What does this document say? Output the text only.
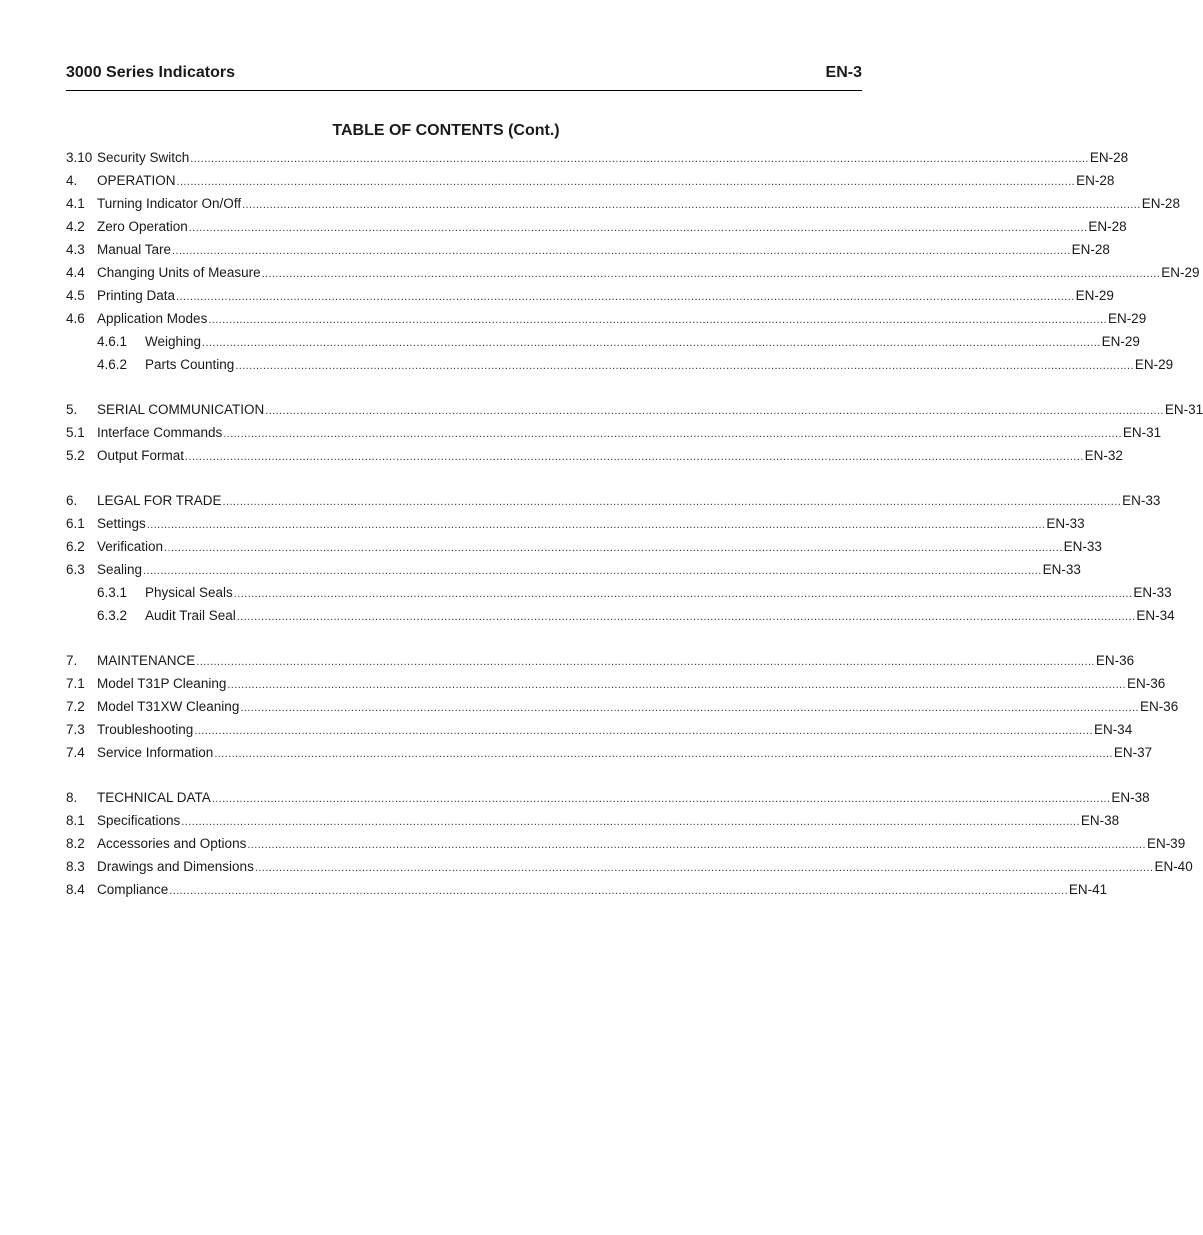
3000 Series Indicators	EN-3
TABLE OF CONTENTS (Cont.)
3.10 Security Switch .................................................................................................................................................................................................................................................................... EN-28
4.	OPERATION .................................................................................................................................................................................................................................................................... EN-28
4.1 Turning Indicator On/Off .................................................................................................................................................................................................................................................................... EN-28
4.2 Zero Operation .................................................................................................................................................................................................................................................................... EN-28
4.3 Manual Tare .................................................................................................................................................................................................................................................................... EN-28
4.4 Changing Units of Measure .................................................................................................................................................................................................................................................................... EN-29
4.5 Printing Data .................................................................................................................................................................................................................................................................... EN-29
4.6 Application Modes .................................................................................................................................................................................................................................................................... EN-29
4.6.1	Weighing .................................................................................................................................................................................................................................................................... EN-29
4.6.2	Parts Counting .................................................................................................................................................................................................................................................................... EN-29
5.	SERIAL COMMUNICATION .................................................................................................................................................................................................................................................................... EN-31
5.1 Interface Commands .................................................................................................................................................................................................................................................................... EN-31
5.2 Output Format .................................................................................................................................................................................................................................................................... EN-32
6.	LEGAL FOR TRADE .................................................................................................................................................................................................................................................................... EN-33
6.1 Settings .................................................................................................................................................................................................................................................................... EN-33
6.2 Verification .................................................................................................................................................................................................................................................................... EN-33
6.3 Sealing .................................................................................................................................................................................................................................................................... EN-33
6.3.1	Physical Seals .................................................................................................................................................................................................................................................................... EN-33
6.3.2	Audit Trail Seal .................................................................................................................................................................................................................................................................... EN-34
7.	MAINTENANCE .................................................................................................................................................................................................................................................................... EN-36
7.1 Model T31P Cleaning .................................................................................................................................................................................................................................................................... EN-36
7.2 Model T31XW Cleaning .................................................................................................................................................................................................................................................................... EN-36
7.3 Troubleshooting .................................................................................................................................................................................................................................................................... EN-34
7.4 Service Information .................................................................................................................................................................................................................................................................... EN-37
8.	TECHNICAL DATA .................................................................................................................................................................................................................................................................... EN-38
8.1 Specifications .................................................................................................................................................................................................................................................................... EN-38
8.2 Accessories and Options .................................................................................................................................................................................................................................................................... EN-39
8.3 Drawings and Dimensions .................................................................................................................................................................................................................................................................... EN-40
8.4 Compliance .................................................................................................................................................................................................................................................................... EN-41
